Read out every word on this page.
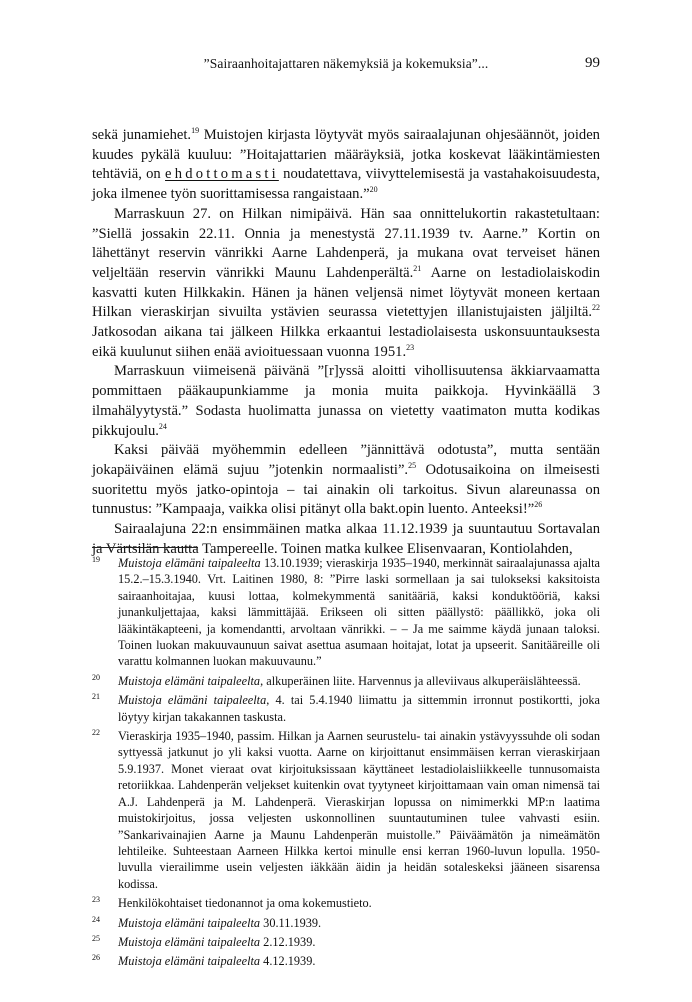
”Sairaanhoitajattaren näkemyksiä ja kokemuksia”...	99

sekä junamiehet.$^{19}$ Muistojen kirjasta löytyvät myös sairaalajunan ohjesäännöt, joiden kuudes pykälä kuuluu: ”Hoitajattarien määräyksiä, jotka koskevat lääkintämiesten tehtäviä, on ehdottomasti noudatettava, viivyttelemisestä ja vastahakoisuudesta, joka ilmenee työn suorittamisessa rangaistaan.”$^{20}$

Marraskuun 27. on Hilkan nimipäivä. Hän saa onnittelukortin rakastetultaan: ”Siellä jossakin 22.11. Onnia ja menestystä 27.11.1939 tv. Aarne.” Kortin on lähettänyt reservin vänrikki Aarne Lahdenperä, ja mukana ovat terveiset hänen veljeltään reservin vänrikki Maunu Lahdenperältä.$^{21}$ Aarne on lestadiolaiskodin kasvatti kuten Hilkkakin. Hänen ja hänen veljensä nimet löytyvät moneen kertaan Hilkan vieraskirjan sivuilta ystävien seurassa vietettyjen illanistujaisten jäljiltä.$^{22}$ Jatkosodan aikana tai jälkeen Hilkka erkaantui lestadiolaisesta uskonsuuntauksesta eikä kuulunut siihen enää avioituessaan vuonna 1951.23

Marraskuun viimeisenä päivänä ”[r]yssä aloitti vihollisuutensa äkkiarvaamatta pommittaen pääkaupunkiamme ja monia muita paikkoja. Hyvinkäällä 3 ilmahälyytystä.” Sodasta huolimatta junassa on vietetty vaatimaton mutta kodikas pikkujoulu.$^{24}$

Kaksi päivää myöhemmin edelleen ”jännittävä odotusta”, mutta sentään jokapäiväinen elämä sujuu ”jotenkin normaalisti”.$^{25}$ Odotusaikoina on ilmeisesti suoritettu myös jatko-opintoja – tai ainakin oli tarkoitus. Sivun alareunassa on tunnustus: ”Kampaaja, vaikka olisi pitänyt olla bakt.opin luento. Anteeksi!”$^{26}$

Sairaalajuna 22:n ensimmäinen matka alkaa 11.12.1939 ja suuntautuu Sortavalan ja Värtsilän kautta Tampereelle. Toinen matka kulkee Elisenvaaran, Kontiolahden,

19 Muistoja elämäni taipaleelta 13.10.1939; vieraskirja 1935–1940, merkinnät sairaalajunassa ajalta 15.2.–15.3.1940. Vrt. Laitinen 1980, 8: ”Pirre laski sormellaan ja sai tulokseksi kaksitoista sairaanhoitajaa, kuusi lottaa, kolmekymmentä sanitääriä, kaksi konduktööriä, kaksi junankuljettajaa, kaksi lämmittäjää. Erikseen oli sitten päällystö: päällikkö, joka oli lääkintäkapteeni, ja komendantti, arvoltaan vänrikki. – – Ja me saimme käydä junaan taloksi. Toinen luokan makuuvaunuun saivat asettua asumaan hoitajat, lotat ja upseerit. Sanitääreille oli varattu kolmannen luokan makuuvaunu.”
20 Muistoja elämäni taipaleelta, alkuperäinen liite. Harvennus ja alleviivaus alkuperäislähteessä.
21 Muistoja elämäni taipaleelta, 4. tai 5.4.1940 liimattu ja sittemmin irronnut postikortti, joka löytyy kirjan takakannen taskusta.
22 Vieraskirja 1935–1940, passim. Hilkan ja Aarnen seurustelu- tai ainakin ystävyyssuhde oli sodan syttyessä jatkunut jo yli kaksi vuotta. Aarne on kirjoittanut ensimmäisen kerran vieraskirjaan 5.9.1937. Monet vieraat ovat kirjoituksissaan käyttäneet lestadiolaisliikkeelle tunnusomaista retoriikkaa. Lahdenperän veljekset kuitenkin ovat tyytyneet kirjoittamaan vain oman nimensä tai A.J. Lahdenperä ja M. Lahdenperä. Vieraskirjan lopussa on nimimerkki MP:n laatima muistokirjoitus, jossa veljesten uskonnollinen suuntautuminen tulee vahvasti esiin. ”Sankarivainajien Aarne ja Maunu Lahdenperän muistolle.” Päiväämätön ja nimeämätön lehtileike. Suhteestaan Aarneen Hilkka kertoi minulle ensi kerran 1960-luvun lopulla. 1950-luvulla vierailimme usein veljesten iäkkään äidin ja heidän sotaleskeksi jääneen sisarensa kodissa.
23 Henkilökohtaiset tiedonannot ja oma kokemustieto.
24 Muistoja elämäni taipaleelta 30.11.1939.
25 Muistoja elämäni taipaleelta 2.12.1939.
26 Muistoja elämäni taipaleelta 4.12.1939.
